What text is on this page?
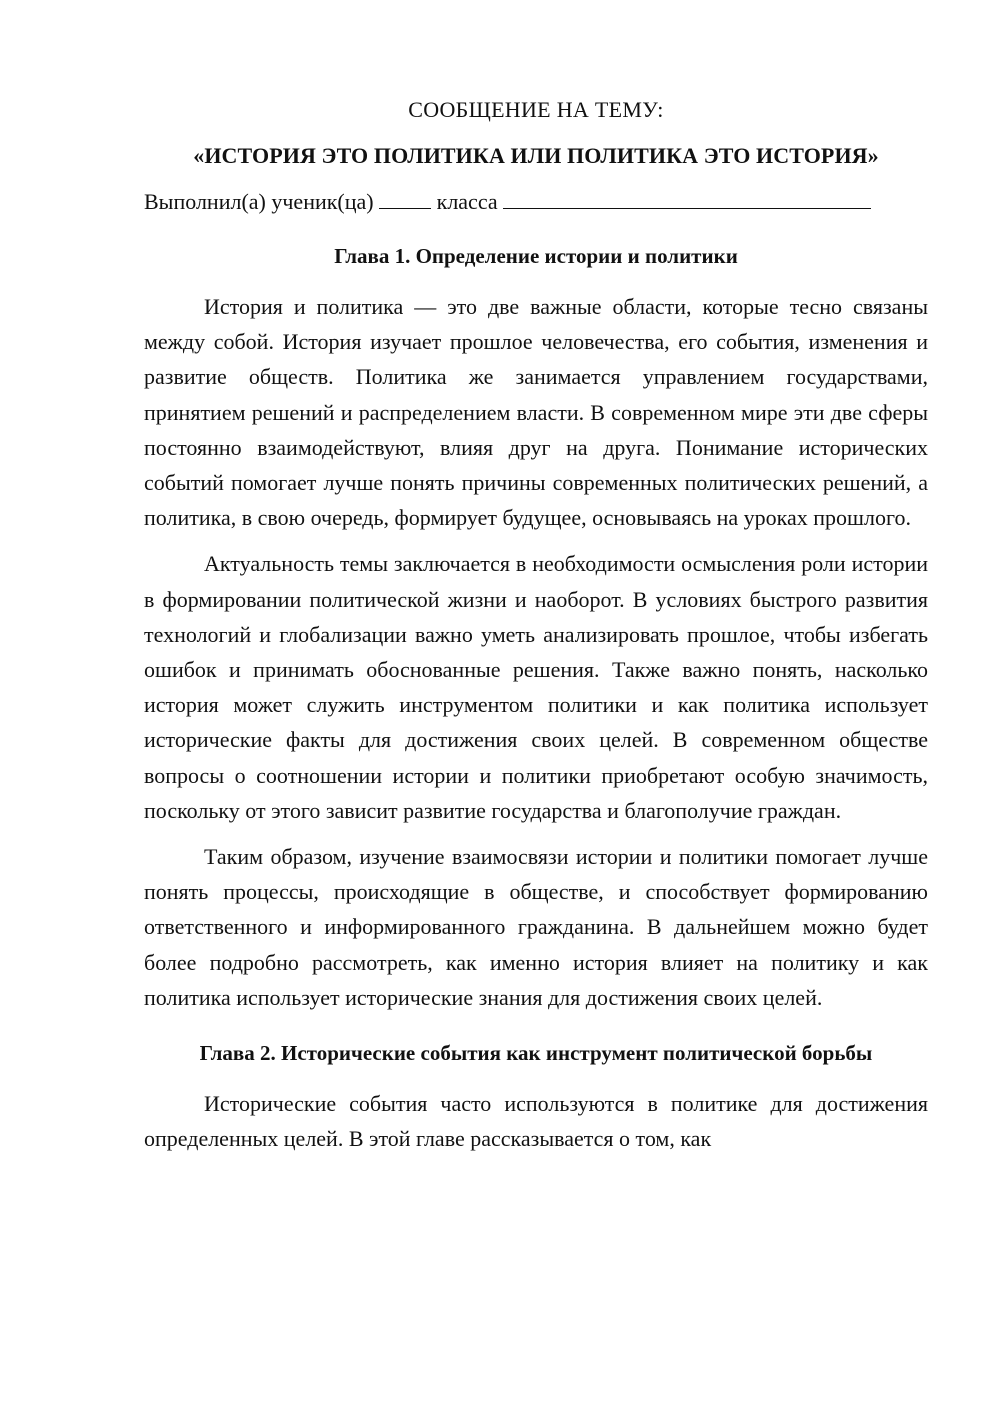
СООБЩЕНИЕ НА ТЕМУ:

«ИСТОРИЯ ЭТО ПОЛИТИКА ИЛИ ПОЛИТИКА ЭТО ИСТОРИЯ»

Выполнил(а) ученик(ца)	класса

Глава 1. Определение истории и политики

История и политика — это две важные области, которые тесно связаны между собой. История изучает прошлое человечества, его события, изменения и развитие обществ. Политика же занимается управлением государствами, принятием решений и распределением власти. В современном мире эти две сферы постоянно взаимодействуют, влияя друг на друга. Понимание исторических событий помогает лучше понять причины современных политических решений, а политика, в свою очередь, формирует будущее, основываясь на уроках прошлого.

Актуальность темы заключается в необходимости осмысления роли истории в формировании политической жизни и наоборот. В условиях быстрого развития технологий и глобализации важно уметь анализировать прошлое, чтобы избегать ошибок и принимать обоснованные решения. Также важно понять, насколько история может служить инструментом политики и как политика использует исторические факты для достижения своих целей. В современном обществе вопросы о соотношении истории и политики приобретают особую значимость, поскольку от этого зависит развитие государства и благополучие граждан.

Таким образом, изучение взаимосвязи истории и политики помогает лучше понять процессы, происходящие в обществе, и способствует формированию ответственного и информированного гражданина. В дальнейшем можно будет более подробно рассмотреть, как именно история влияет на политику и как политика использует исторические знания для достижения своих целей.

Глава 2. Исторические события как инструмент политической борьбы

Исторические события часто используются в политике для достижения определенных целей. В этой главе рассказывается о том, как
